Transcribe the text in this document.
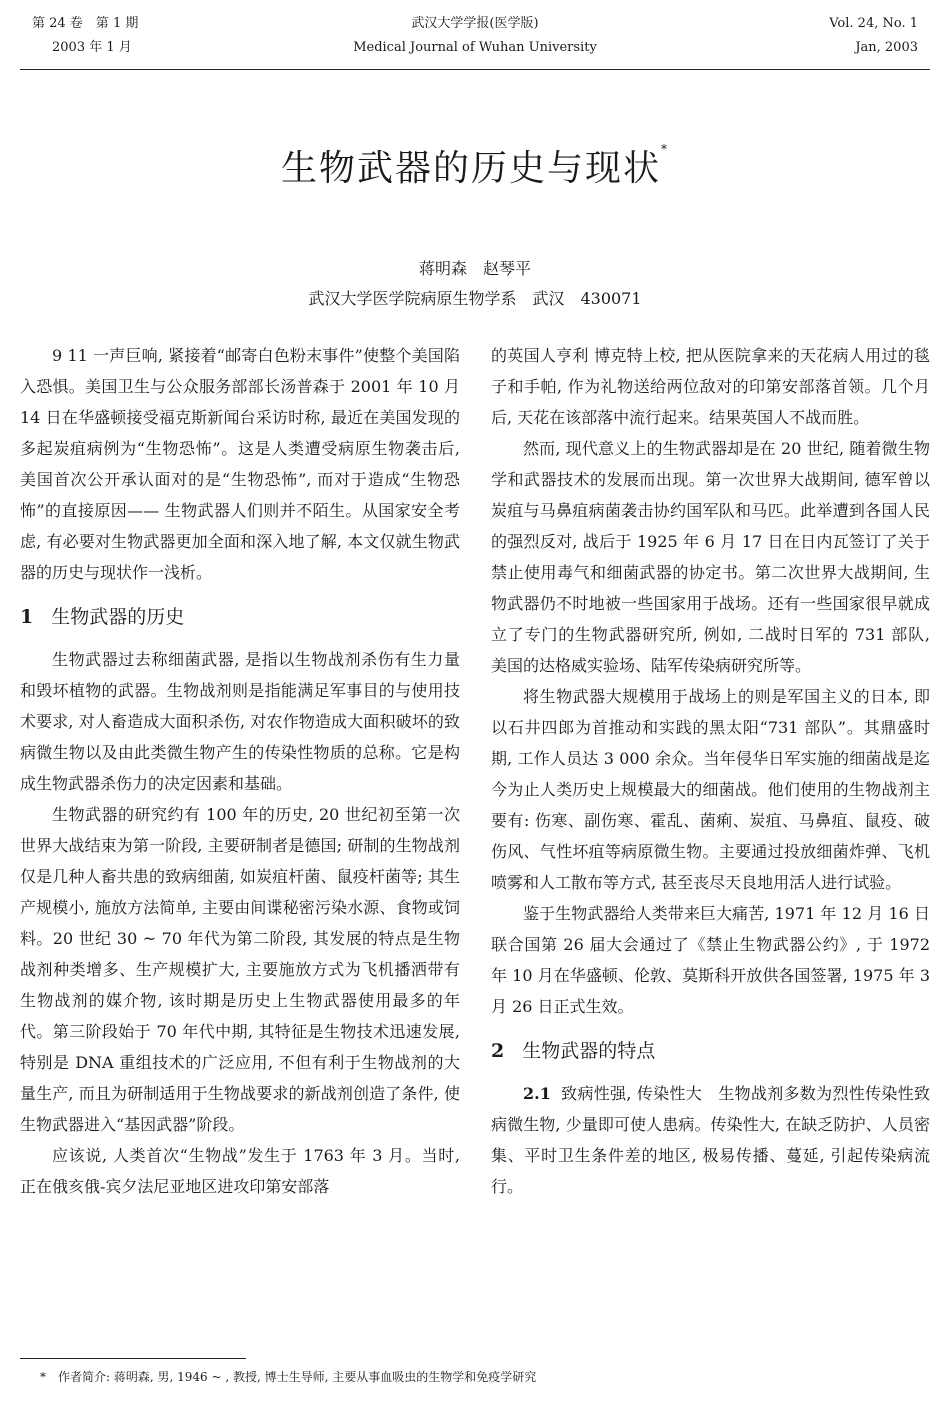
第 24 卷　第 1 期
2003 年 1 月
武汉大学学报(医学版)
Medical Journal of Wuhan University
Vol. 24, No. 1
Jan, 2003
生物武器的历史与现状*
蒋明森　赵琴平
武汉大学医学院病原生物学系　武汉　430071

9 11 一声巨响, 紧接着“邮寄白色粉末事件”使整个美国陷入恐惧。美国卫生与公众服务部部长汤普森于 2001 年 10 月 14 日在华盛顿接受福克斯新闻台采访时称, 最近在美国发现的多起炭疽病例为“生物恐怖”。这是人类遭受病原生物袭击后, 美国首次公开承认面对的是“生物恐怖”, 而对于造成“生物恐怖”的直接原因—— 生物武器人们则并不陌生。从国家安全考虑, 有必要对生物武器更加全面和深入地了解, 本文仅就生物武器的历史与现状作一浅析。

1 生物武器的历史

生物武器过去称细菌武器, 是指以生物战剂杀伤有生力量和毁坏植物的武器。生物战剂则是指能满足军事目的与使用技术要求, 对人畜造成大面积杀伤, 对农作物造成大面积破坏的致病微生物以及由此类微生物产生的传染性物质的总称。它是构成生物武器杀伤力的决定因素和基础。

生物武器的研究约有 100 年的历史, 20 世纪初至第一次世界大战结束为第一阶段, 主要研制者是德国; 研制的生物战剂仅是几种人畜共患的致病细菌, 如炭疽杆菌、鼠疫杆菌等; 其生产规模小, 施放方法简单, 主要由间谍秘密污染水源、食物或饲料。20 世纪 30 ~ 70 年代为第二阶段, 其发展的特点是生物战剂种类增多、生产规模扩大, 主要施放方式为飞机播洒带有生物战剂的媒介物, 该时期是历史上生物武器使用最多的年代。第三阶段始于 70 年代中期, 其特征是生物技术迅速发展, 特别是 DNA 重组技术的广泛应用, 不但有利于生物战剂的大量生产, 而且为研制适用于生物战要求的新战剂创造了条件, 使生物武器进入“基因武器”阶段。

应该说, 人类首次“生物战”发生于 1763 年 3 月。当时, 正在俄亥俄-宾夕法尼亚地区进攻印第安部落

的英国人亨利 博克特上校, 把从医院拿来的天花病人用过的毯子和手帕, 作为礼物送给两位敌对的印第安部落首领。几个月后, 天花在该部落中流行起来。结果英国人不战而胜。

然而, 现代意义上的生物武器却是在 20 世纪, 随着微生物学和武器技术的发展而出现。第一次世界大战期间, 德军曾以炭疽与马鼻疽病菌袭击协约国军队和马匹。此举遭到各国人民的强烈反对, 战后于 1925 年 6 月 17 日在日内瓦签订了关于禁止使用毒气和细菌武器的协定书。第二次世界大战期间, 生物武器仍不时地被一些国家用于战场。还有一些国家很早就成立了专门的生物武器研究所, 例如, 二战时日军的 731 部队, 美国的达格威实验场、陆军传染病研究所等。

将生物武器大规模用于战场上的则是军国主义的日本, 即以石井四郎为首推动和实践的黑太阳“731 部队”。其鼎盛时期, 工作人员达 3 000 余众。当年侵华日军实施的细菌战是迄今为止人类历史上规模最大的细菌战。他们使用的生物战剂主要有: 伤寒、副伤寒、霍乱、菌痢、炭疽、马鼻疽、鼠疫、破伤风、气性坏疽等病原微生物。主要通过投放细菌炸弹、飞机喷雾和人工散布等方式, 甚至丧尽天良地用活人进行试验。

鉴于生物武器给人类带来巨大痛苦, 1971 年 12 月 16 日联合国第 26 届大会通过了《禁止生物武器公约》, 于 1972 年 10 月在华盛顿、伦敦、莫斯科开放供各国签署, 1975 年 3 月 26 日正式生效。

2 生物武器的特点

2.1 致病性强, 传染性大　生物战剂多数为烈性传染性致病微生物, 少量即可使人患病。传染性大, 在缺乏防护、人员密集、平时卫生条件差的地区, 极易传播、蔓延, 引起传染病流行。

* 作者简介: 蒋明森, 男, 1946 ~ , 教授, 博士生导师, 主要从事血吸虫的生物学和免疫学研究
